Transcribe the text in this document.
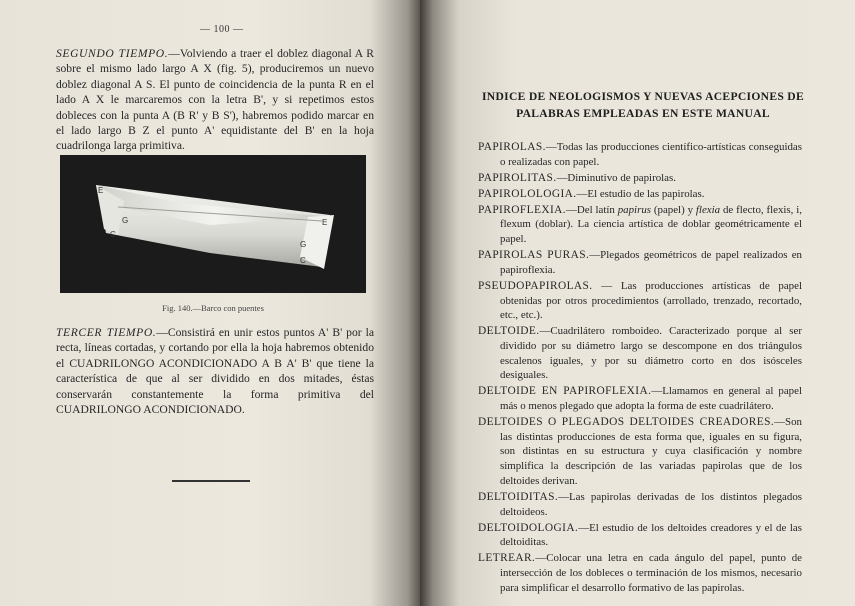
— 100 —

SEGUNDO TIEMPO.—Volviendo a traer el doblez diagonal A R sobre el mismo lado largo A X (fig. 5), produciremos un nuevo doblez diagonal A S. El punto de coincidencia de la punta R en el lado A X le marcaremos con la letra B', y si repetimos estos dobleces con la punta A (B R' y B S'), habremos podido marcar en el lado largo B Z el punto A' equidistante del B' en la hoja cuadrilonga larga primitiva.

E
G
C
E
G
C
Fig. 140.—Barco con puentes

TERCER TIEMPO.—Consistirá en unir estos puntos A' B' por la recta, líneas cortadas, y cortando por ella la hoja habremos obtenido el CUADRILONGO ACONDICIONADO A B A' B' que tiene la característica de que al ser dividido en dos mitades, éstas conservarán constantemente la forma primitiva del CUADRILONGO ACONDICIONADO.

INDICE DE NEOLOGISMOS Y NUEVAS ACEPCIONES DE PALABRAS EMPLEADAS EN ESTE MANUAL

PAPIROLAS.—Todas las producciones científico-artísticas conseguidas o realizadas con papel.

PAPIROLITAS.—Diminutivo de papirolas.

PAPIROLOLOGIA.—El estudio de las papirolas.

PAPIROFLEXIA.—Del latín papirus (papel) y flexia de flecto, flexis, i, flexum (doblar). La ciencia artística de doblar geométricamente el papel.

PAPIROLAS PURAS.—Plegados geométricos de papel realizados en papiroflexia.

PSEUDOPAPIROLAS. — Las producciones artísticas de papel obtenidas por otros procedimientos (arrollado, trenzado, recortado, etc., etc.).

DELTOIDE.—Cuadrilátero romboideo. Caracterizado porque al ser dividido por su diámetro largo se descompone en dos triángulos escalenos iguales, y por su diámetro corto en dos isósceles desiguales.

DELTOIDE EN PAPIROFLEXIA.—Llamamos en general al papel más o menos plegado que adopta la forma de este cuadrilátero.

DELTOIDES O PLEGADOS DELTOIDES CREADORES.—Son las distintas producciones de esta forma que, iguales en su figura, son distintas en su estructura y cuya clasificación y nombre simplifica la descripción de las variadas papirolas que de los deltoides derivan.

DELTOIDITAS.—Las papirolas derivadas de los distintos plegados deltoideos.

DELTOIDOLOGIA.—El estudio de los deltoides creadores y el de las deltoiditas.

LETREAR.—Colocar una letra en cada ángulo del papel, punto de intersección de los dobleces o terminación de los mismos, necesario para simplificar el desarrollo formativo de las papirolas.
